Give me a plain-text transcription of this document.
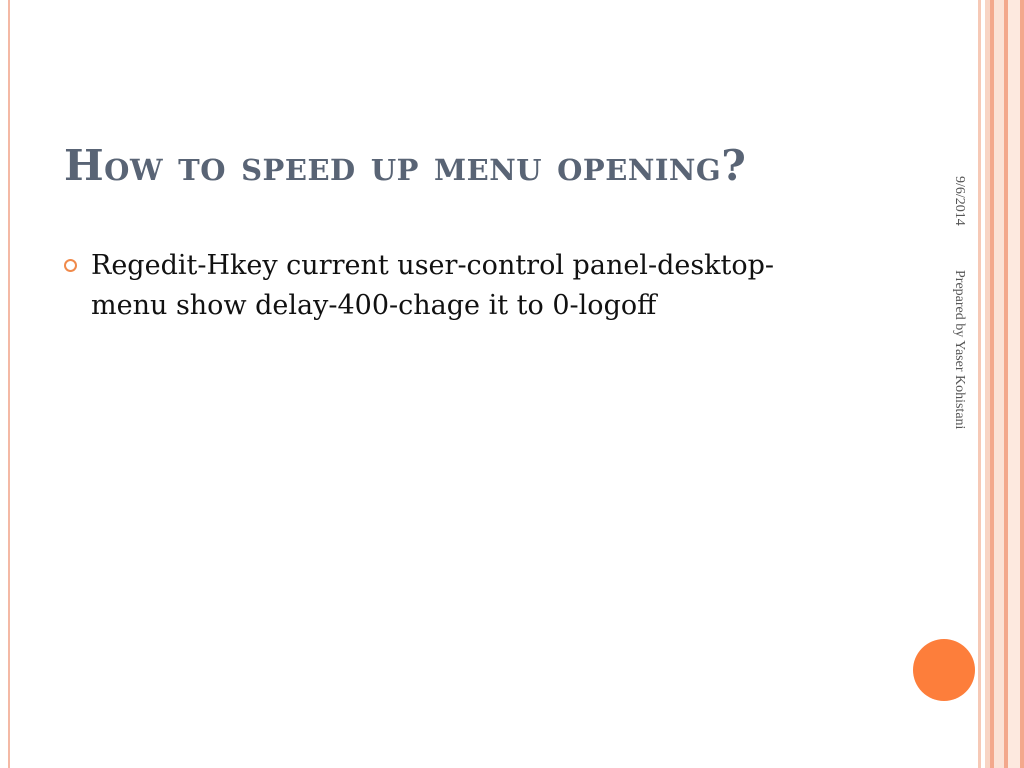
How to speed up menu opening?
Regedit-Hkey current user-control panel-desktop-menu show delay-400-chage it to 0-logoff
9/6/2014
Prepared by Yaser Kohistani
